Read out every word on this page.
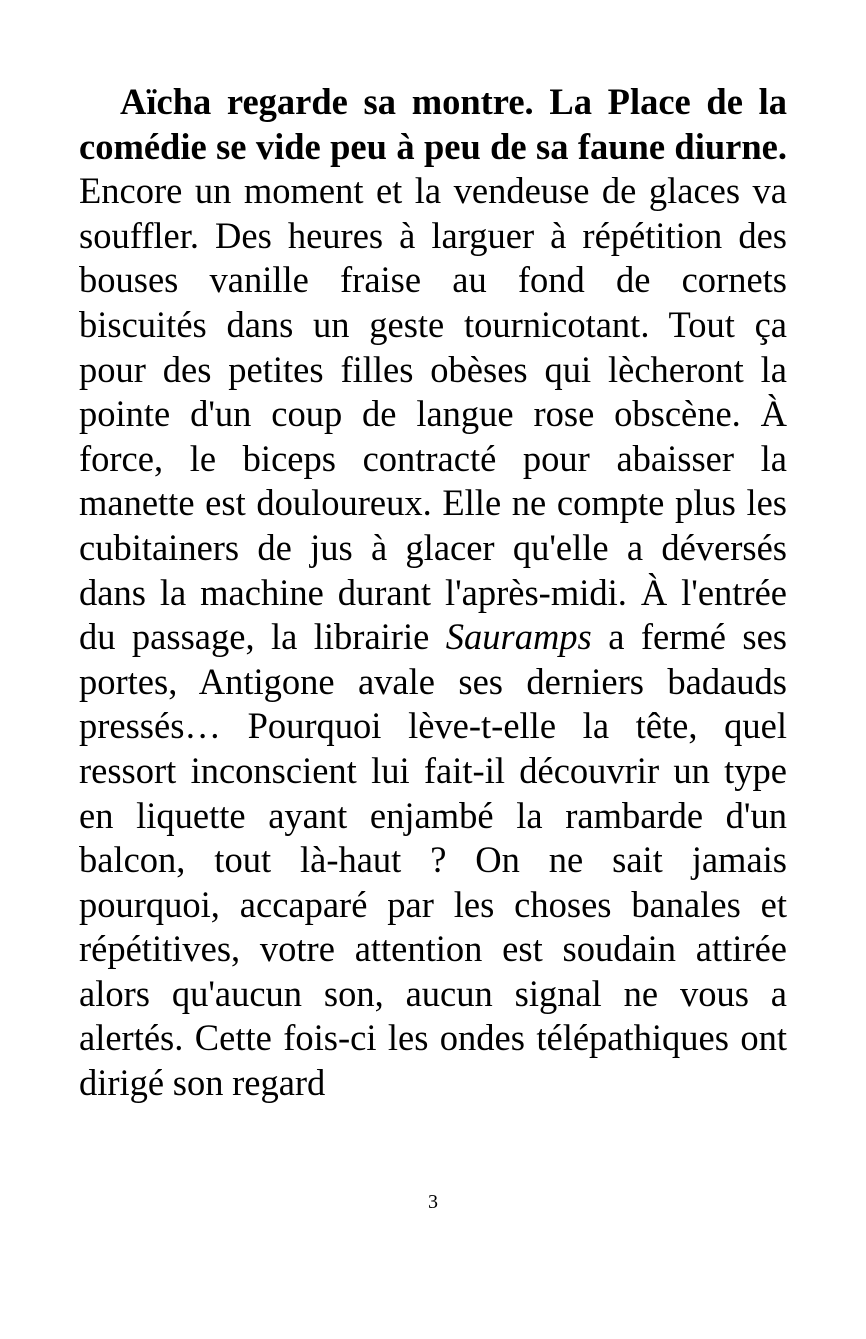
Aïcha regarde sa montre. La Place de la comédie se vide peu à peu de sa faune diurne. Encore un moment et la vendeuse de glaces va souffler. Des heures à larguer à répétition des bouses vanille fraise au fond de cornets biscuités dans un geste tournicotant. Tout ça pour des petites filles obèses qui lècheront la pointe d'un coup de langue rose obscène. À force, le biceps contracté pour abaisser la manette est douloureux. Elle ne compte plus les cubitainers de jus à glacer qu'elle a déversés dans la machine durant l'après-midi. À l'entrée du passage, la librairie Sauramps a fermé ses portes, Antigone avale ses derniers badauds pressés… Pourquoi lève-t-elle la tête, quel ressort inconscient lui fait-il découvrir un type en liquette ayant enjambé la rambarde d'un balcon, tout là-haut ? On ne sait jamais pourquoi, accaparé par les choses banales et répétitives, votre attention est soudain attirée alors qu'aucun son, aucun signal ne vous a alertés. Cette fois-ci les ondes télépathiques ont dirigé son regard

3
